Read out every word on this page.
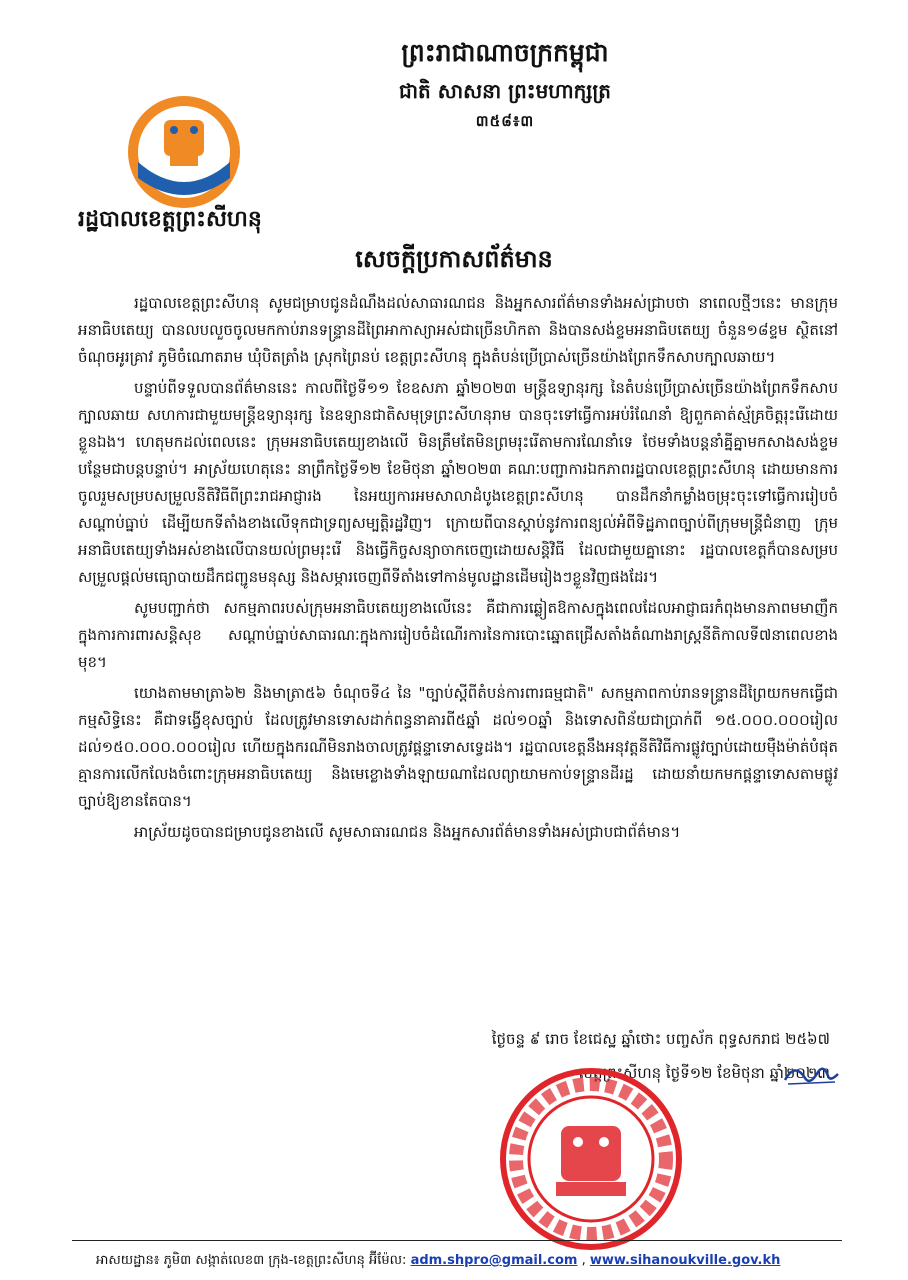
ព្រះរាជាណាចក្រកម្ពុជា
ជាតិ សាសនា ព្រះមហាក្សត្រ
៣៥៨៖៣
រដ្ឋបាលខេត្តព្រះសីហនុ
សេចក្តីប្រកាសព័ត៌មាន

រដ្ឋបាលខេត្តព្រះសីហនុ សូមជម្រាបជូនដំណឹងដល់សាធារណជន និងអ្នកសារព័ត៌មានទាំងអស់ជ្រាបថា នាពេលថ្មីៗនេះ មានក្រុមអនាធិបតេយ្យ បានលបលួចចូលមកកាប់រានទន្ទ្រានដីព្រៃអាកាស្យាអស់ជាច្រើនហិកតា និងបានសង់ខ្ទមអនាធិបតេយ្យ ចំនួន១៨ខ្ទម ស្ថិតនៅចំណុចអូរគ្រាវ ភូមិចំណោតរាម ឃុំបិតត្រាំង ស្រុកព្រៃនប់ ខេត្តព្រះសីហនុ ក្នុងតំបន់ប្រើប្រាស់ច្រើនយ៉ាងព្រែកទឹកសាបក្បាលឆាយ។

បន្ទាប់ពីទទួលបានព័ត៌មាននេះ កាលពីថ្ងៃទី១១ ខែឧសភា ឆ្នាំ២០២៣ មន្ត្រីឧទ្យានុរក្ស នៃតំបន់ប្រើប្រាស់ច្រើនយ៉ាងព្រែកទឹកសាបក្បាលឆាយ សហការជាមួយមន្ត្រីឧទ្យានុរក្ស នៃឧទ្យានជាតិសមុទ្រព្រះសីហនុរាម បានចុះទៅធ្វើការអប់រំណែនាំ ឱ្យពួកគាត់ស្ម័គ្រចិត្តរុះរើដោយខ្លួនឯង។ ហេតុមកដល់ពេលនេះ ក្រុមអនាធិបតេយ្យខាងលើ មិនត្រឹមតែមិនព្រមរុះរើតាមការណែនាំទេ ថែមទាំងបន្តនាំគ្នីគ្នាមកសាងសង់ខ្ទម បន្ថែមជាបន្តបន្ទាប់។ អាស្រ័យហេតុនេះ នាព្រឹកថ្ងៃទី១២ ខែមិថុនា ឆ្នាំ២០២៣ គណៈបញ្ជាការឯកភាពរដ្ឋបាលខេត្តព្រះសីហនុ ដោយមានការចូលរួមសម្របសម្រួលនីតិវិធីពីព្រះរាជអាជ្ញារង នៃអយ្យការអមសាលាដំបូងខេត្តព្រះសីហនុ បានដឹកនាំកម្លាំងចម្រុះចុះទៅធ្វើការរៀបចំសណ្តាប់ធ្នាប់ ដើម្បីយកទីតាំងខាងលើទុកជាទ្រព្យសម្បត្តិរដ្ឋវិញ។ ក្រោយពីបានស្តាប់នូវការពន្យល់អំពីទិដ្ឋភាពច្បាប់ពីក្រុមមន្ត្រីជំនាញ ក្រុមអនាធិបតេយ្យទាំងអស់ខាងលើបានយល់ព្រមរុះរើ និងធ្វើកិច្ចសន្យាចាកចេញដោយសន្តិវិធី ដែលជាមួយគ្នានោះ រដ្ឋបាលខេត្តក៏បានសម្របសម្រួលផ្តល់មធ្យោបាយដឹកជញ្ជូនមនុស្ស និងសម្ភារចេញពីទីតាំងទៅកាន់មូលដ្ឋានដើមរៀងៗខ្លួនវិញផងដែរ។

សូមបញ្ជាក់ថា សកម្មភាពរបស់ក្រុមអនាធិបតេយ្យខាងលើនេះ គឺជាការឆ្លៀតឱកាសក្នុងពេលដែលអាជ្ញាធរកំពុងមានភាពមមាញឹកក្នុងការការពារសន្តិសុខ សណ្តាប់ធ្នាប់សាធារណៈក្នុងការរៀបចំដំណើរការនៃការបោះឆ្នោតជ្រើសតាំងតំណាងរាស្ត្រនីតិកាលទី៧នាពេលខាងមុខ។

យោងតាមមាត្រា៦២ និងមាត្រា៥៦ ចំណុចទី៤ នៃ "ច្បាប់ស្តីពីតំបន់ការពារធម្មជាតិ" សកម្មភាពកាប់រានទន្ទ្រានដីព្រៃយកមកធ្វើជាកម្មសិទ្ធិនេះ គឺជាទង្វើខុសច្បាប់ ដែលត្រូវមានទោសដាក់ពន្ធនាគារពី៥ឆ្នាំ ដល់១០ឆ្នាំ និងទោសពិន័យជាប្រាក់ពី ១៥.០០០.០០០រៀល ដល់១៥០.០០០.០០០រៀល ហើយក្នុងករណីមិនរាងចាលត្រូវផ្តន្ទាទោសទ្វេដង។ រដ្ឋបាលខេត្តនឹងអនុវត្តនីតិវិធីការផ្លូវច្បាប់ដោយម៉ឺងម៉ាត់បំផុតគ្មានការលើកលែងចំពោះក្រុមអនាធិបតេយ្យ និងមេខ្លោងទាំងឡាយណាដែលព្យាយាមកាប់ទន្ទ្រានដីរដ្ឋ ដោយនាំយកមកផ្តន្ទាទោសតាមផ្លូវច្បាប់ឱ្យខានតែបាន។

អាស្រ័យដូចបានជម្រាបជូនខាងលើ សូមសាធារណជន និងអ្នកសារព័ត៌មានទាំងអស់ជ្រាបជាព័ត៌មាន។

ថ្ងៃចន្ទ ៩ រោច ខែជេស្ឋ ឆ្នាំថោះ បញ្ចស័ក ពុទ្ធសករាជ ២៥៦៧
ខេត្តព្រះសីហនុ ថ្ងៃទី១២ ខែមិថុនា ឆ្នាំ២០២៣
អាសយដ្ឋាន៖ ភូមិ៣ សង្កាត់លេខ៣ ក្រុង-ខេត្តព្រះសីហនុ អ៊ីម៉ែល: adm.shpro@gmail.com , www.sihanoukville.gov.kh
